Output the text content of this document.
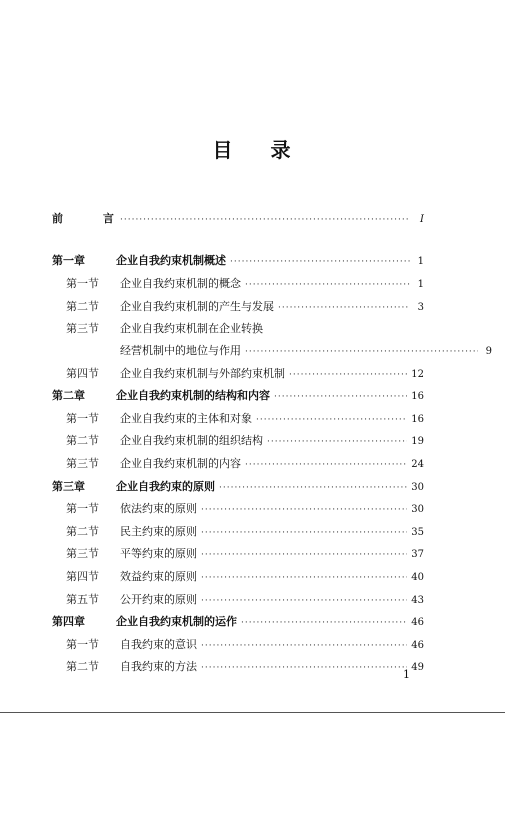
目 录
前 言 ·····	I
第一章	企业自我约束机制概述 ·····	1
第一节	企业自我约束机制的概念 ·····	1
第二节	企业自我约束机制的产生与发展 ·····	3
第三节	企业自我约束机制在企业转换
经营机制中的地位与作用 ·····	9
第四节	企业自我约束机制与外部约束机制 ·····	12
第二章	企业自我约束机制的结构和内容 ·····	16
第一节	企业自我约束的主体和对象 ·····	16
第二节	企业自我约束机制的组织结构 ·····	19
第三节	企业自我约束机制的内容 ·····	24
第三章	企业自我约束的原则 ·····	30
第一节	依法约束的原则 ·····	30
第二节	民主约束的原则 ·····	35
第三节	平等约束的原则 ·····	37
第四节	效益约束的原则 ·····	40
第五节	公开约束的原则 ·····	43
第四章	企业自我约束机制的运作 ·····	46
第一节	自我约束的意识 ·····	46
第二节	自我约束的方法 ·····	49
1
